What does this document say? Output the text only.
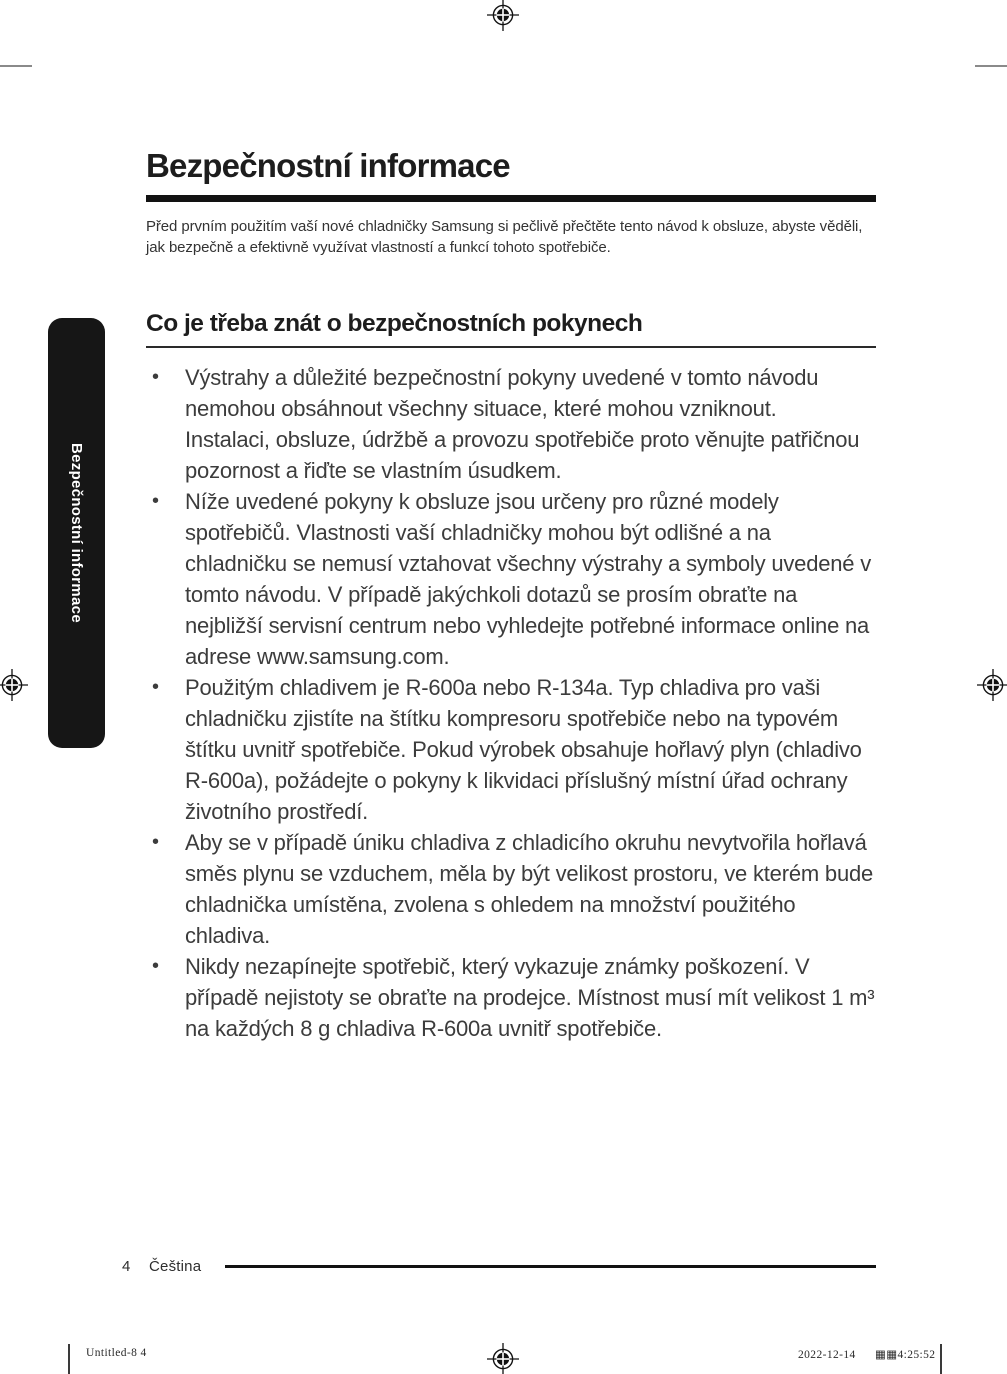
Bezpečnostní informace
Bezpečnostní informace

Před prvním použitím vaší nové chladničky Samsung si pečlivě přečtěte tento návod k obsluze, abyste věděli, jak bezpečně a efektivně využívat vlastností a funkcí tohoto spotřebiče.

Co je třeba znát o bezpečnostních pokynech
• Výstrahy a důležité bezpečnostní pokyny uvedené v tomto návodu nemohou obsáhnout všechny situace, které mohou vzniknout.

Instalaci, obsluze, údržbě a provozu spotřebiče proto věnujte patřičnou pozornost a řiďte se vlastním úsudkem.

• Níže uvedené pokyny k obsluze jsou určeny pro různé modely spotřebičů. Vlastnosti vaší chladničky mohou být odlišné a na chladničku se nemusí vztahovat všechny výstrahy a symboly uvedené v tomto návodu. V případě jakýchkoli dotazů se prosím obraťte na nejbližší servisní centrum nebo vyhledejte potřebné informace online na adrese www.samsung.com.

• Použitým chladivem je R-600a nebo R-134a. Typ chladiva pro vaši chladničku zjistíte na štítku kompresoru spotřebiče nebo na typovém štítku uvnitř spotřebiče. Pokud výrobek obsahuje hořlavý plyn (chladivo R-600a), požádejte o pokyny k likvidaci příslušný místní úřad ochrany životního prostředí.

• Aby se v případě úniku chladiva z chladicího okruhu nevytvořila hořlavá směs plynu se vzduchem, měla by být velikost prostoru, ve kterém bude chladnička umístěna, zvolena s ohledem na množství použitého chladiva.

• Nikdy nezapínejte spotřebič, který vykazuje známky poškození. V případě nejistoty se obraťte na prodejce. Místnost musí mít velikost 1 m³ na každých 8 g chladiva R-600a uvnitř spotřebiče.

4 Čeština
Untitled-8 4	2022-12-14 ▦▦4:25:52
